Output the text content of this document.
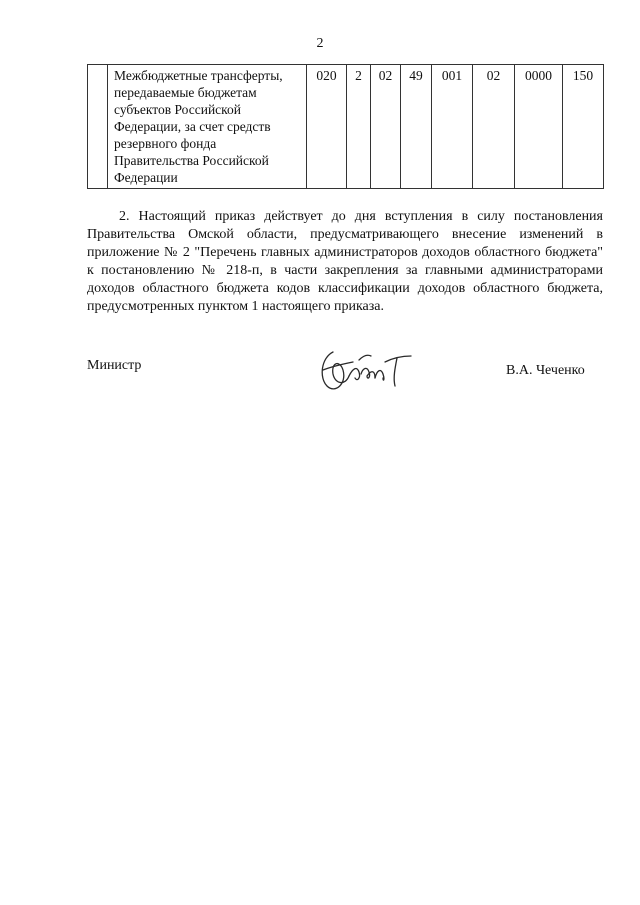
2
	Межбюджетные трансферты, передаваемые бюджетам субъектов Российской Федерации, за счет средств резервного фонда Правительства Российской Федерации	020	2	02	49	001	02	0000	150

2. Настоящий приказ действует до дня вступления в силу постановления Правительства Омской области, предусматривающего внесение изменений в приложение № 2 "Перечень главных администраторов доходов областного бюджета" к постановлению № 218-п, в части закрепления за главными администраторами доходов областного бюджета кодов классификации доходов областного бюджета, предусмотренных пунктом 1 настоящего приказа.

Министр	В.А. Чеченко
